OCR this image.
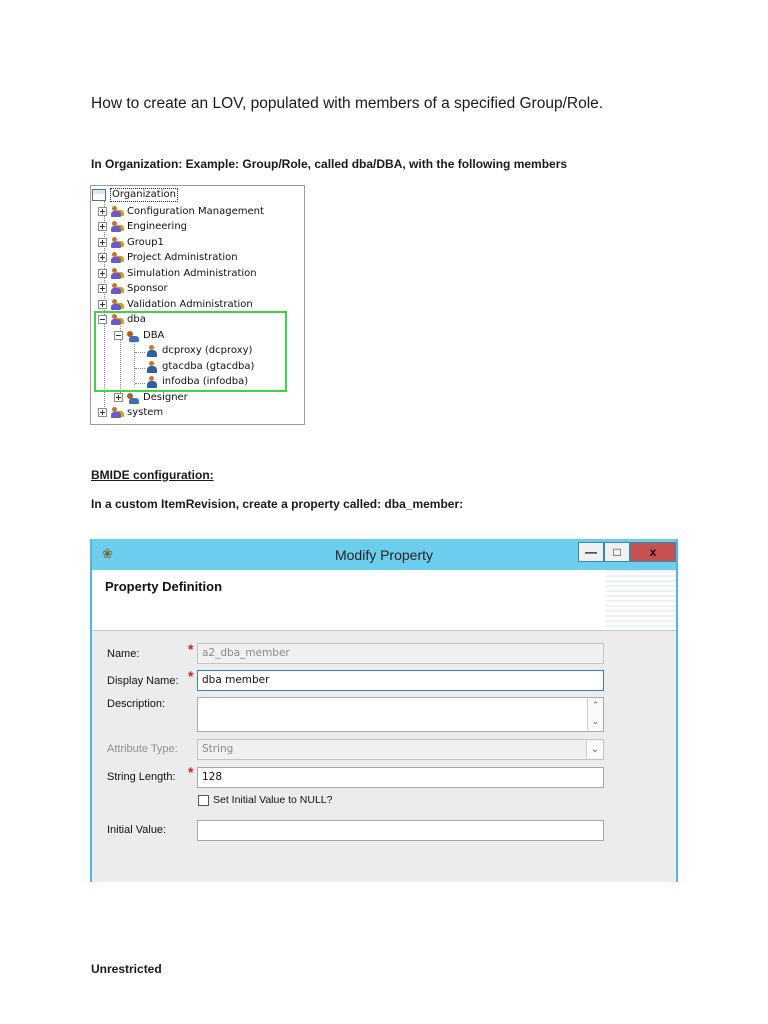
How to create an LOV, populated with members of a specified Group/Role.
In Organization: Example: Group/Role, called dba/DBA, with the following members
Organization
Configuration Management
Engineering
Group1
Project Administration
Simulation Administration
Sponsor
Validation Administration
dba
DBA
dcproxy (dcproxy)
gtacdba (gtacdba)
infodba (infodba)
Designer
system
BMIDE configuration:
In a custom ItemRevision, create a property called: dba_member:
❀	Modify Property	—	□	x
Property Definition
Name:	* a2_dba_member
Display Name: * dba member
Description:	⌃
⌄
Attribute Type:	String	⌄
String Length: * 128
Set Initial Value to NULL?
Initial Value:
Unrestricted
